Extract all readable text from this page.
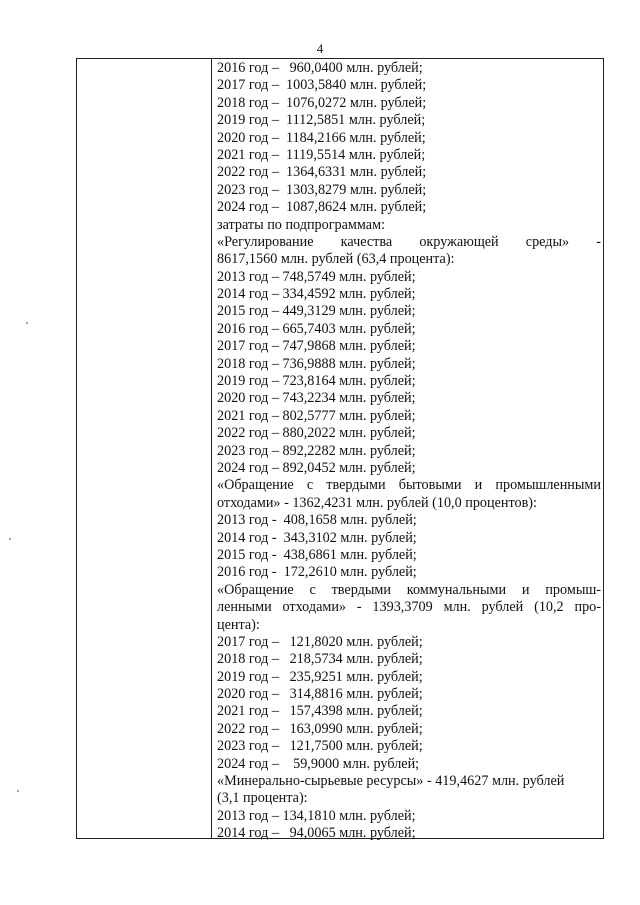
4
2016 год –   960,0400 млн. рублей;
2017 год –  1003,5840 млн. рублей;
2018 год –  1076,0272 млн. рублей;
2019 год –  1112,5851 млн. рублей;
2020 год –  1184,2166 млн. рублей;
2021 год –  1119,5514 млн. рублей;
2022 год –  1364,6331 млн. рублей;
2023 год –  1303,8279 млн. рублей;
2024 год –  1087,8624 млн. рублей;
затраты по подпрограммам:
«Регулирование качества окружающей среды» -
8617,1560 млн. рублей (63,4 процента):
2013 год – 748,5749 млн. рублей;
2014 год – 334,4592 млн. рублей;
2015 год – 449,3129 млн. рублей;
2016 год – 665,7403 млн. рублей;
2017 год – 747,9868 млн. рублей;
2018 год – 736,9888 млн. рублей;
2019 год – 723,8164 млн. рублей;
2020 год – 743,2234 млн. рублей;
2021 год – 802,5777 млн. рублей;
2022 год – 880,2022 млн. рублей;
2023 год – 892,2282 млн. рублей;
2024 год – 892,0452 млн. рублей;
«Обращение с твердыми бытовыми и промышленными
отходами» - 1362,4231 млн. рублей (10,0 процентов):
2013 год -  408,1658 млн. рублей;
2014 год -  343,3102 млн. рублей;
2015 год -  438,6861 млн. рублей;
2016 год -  172,2610 млн. рублей;
«Обращение с твердыми коммунальными и промыш-
ленными отходами» - 1393,3709 млн. рублей (10,2 про-
цента):
2017 год –   121,8020 млн. рублей;
2018 год –   218,5734 млн. рублей;
2019 год –   235,9251 млн. рублей;
2020 год –   314,8816 млн. рублей;
2021 год –   157,4398 млн. рублей;
2022 год –   163,0990 млн. рублей;
2023 год –   121,7500 млн. рублей;
2024 год –    59,9000 млн. рублей;
«Минерально-сырьевые ресурсы» - 419,4627 млн. рублей
(3,1 процента):
2013 год – 134,1810 млн. рублей;
2014 год –   94,0065 млн. рублей;
